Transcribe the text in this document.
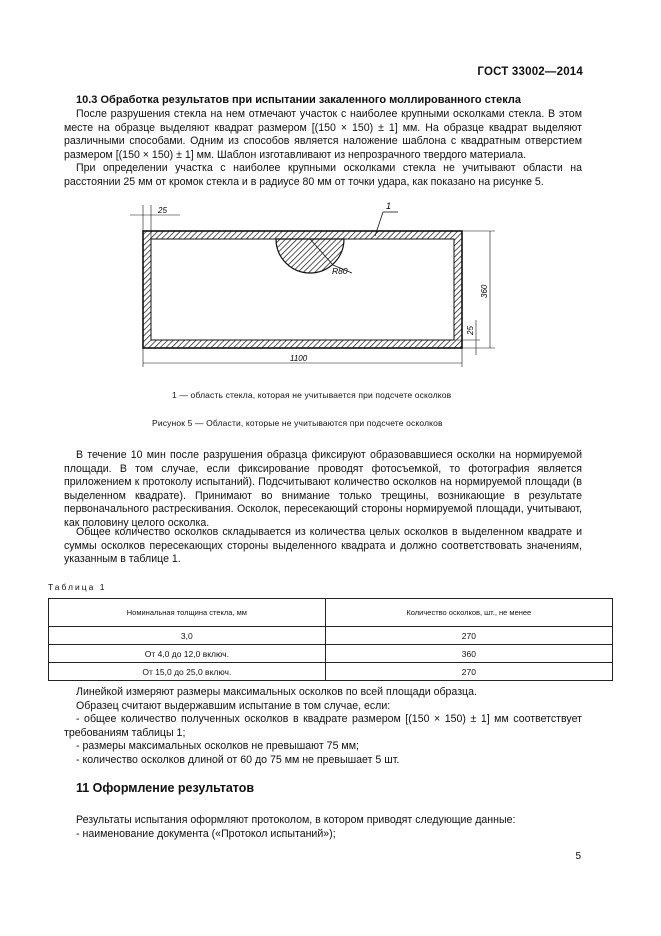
ГОСТ 33002—2014
10.3 Обработка результатов при испытании закаленного моллированного стекла
После разрушения стекла на нем отмечают участок с наиболее крупными осколками стекла. В этом месте на образце выделяют квадрат размером [(150 × 150) ± 1] мм. На образце квадрат выделяют различными способами. Одним из способов является наложение шаблона с квадратным отверстием размером [(150 × 150) ± 1] мм. Шаблон изготавливают из непрозрачного твердого материала.
При определении участка с наиболее крупными осколками стекла не учитывают области на расстоянии 25 мм от кромок стекла и в радиусе 80 мм от точки удара, как показано на рисунке 5.
R80
1
25
1100
360
25
1 — область стекла, которая не учитывается при подсчете осколков
Рисунок 5 — Области, которые не учитываются при подсчете осколков
В течение 10 мин после разрушения образца фиксируют образовавшиеся осколки на нормируемой площади. В том случае, если фиксирование проводят фотосъемкой, то фотография является приложением к протоколу испытаний). Подсчитывают количество осколков на нормируемой площади (в выделенном квадрате). Принимают во внимание только трещины, возникающие в результате первоначального растрескивания. Осколок, пересекающий стороны нормируемой площади, учитывают, как половину целого осколка.
Общее количество осколков складывается из количества целых осколков в выделенном квадрате и суммы осколков пересекающих стороны выделенного квадрата и должно соответствовать значениям, указанным в таблице 1.
Таблица 1
Номинальная толщина стекла, мм	Количество осколков, шт., не менее
3,0	270
От 4,0 до 12,0 включ.	360
От 15,0 до 25,0 включ.	270
Линейкой измеряют размеры максимальных осколков по всей площади образца.
Образец считают выдержавшим испытание в том случае, если:
- общее количество полученных осколков в квадрате размером [(150 × 150) ± 1] мм соответствует требованиям таблицы 1;
- размеры максимальных осколков не превышают 75 мм;
- количество осколков длиной от 60 до 75 мм не превышает 5 шт.
11 Оформление результатов
Результаты испытания оформляют протоколом, в котором приводят следующие данные:
- наименование документа («Протокол испытаний»);
5
